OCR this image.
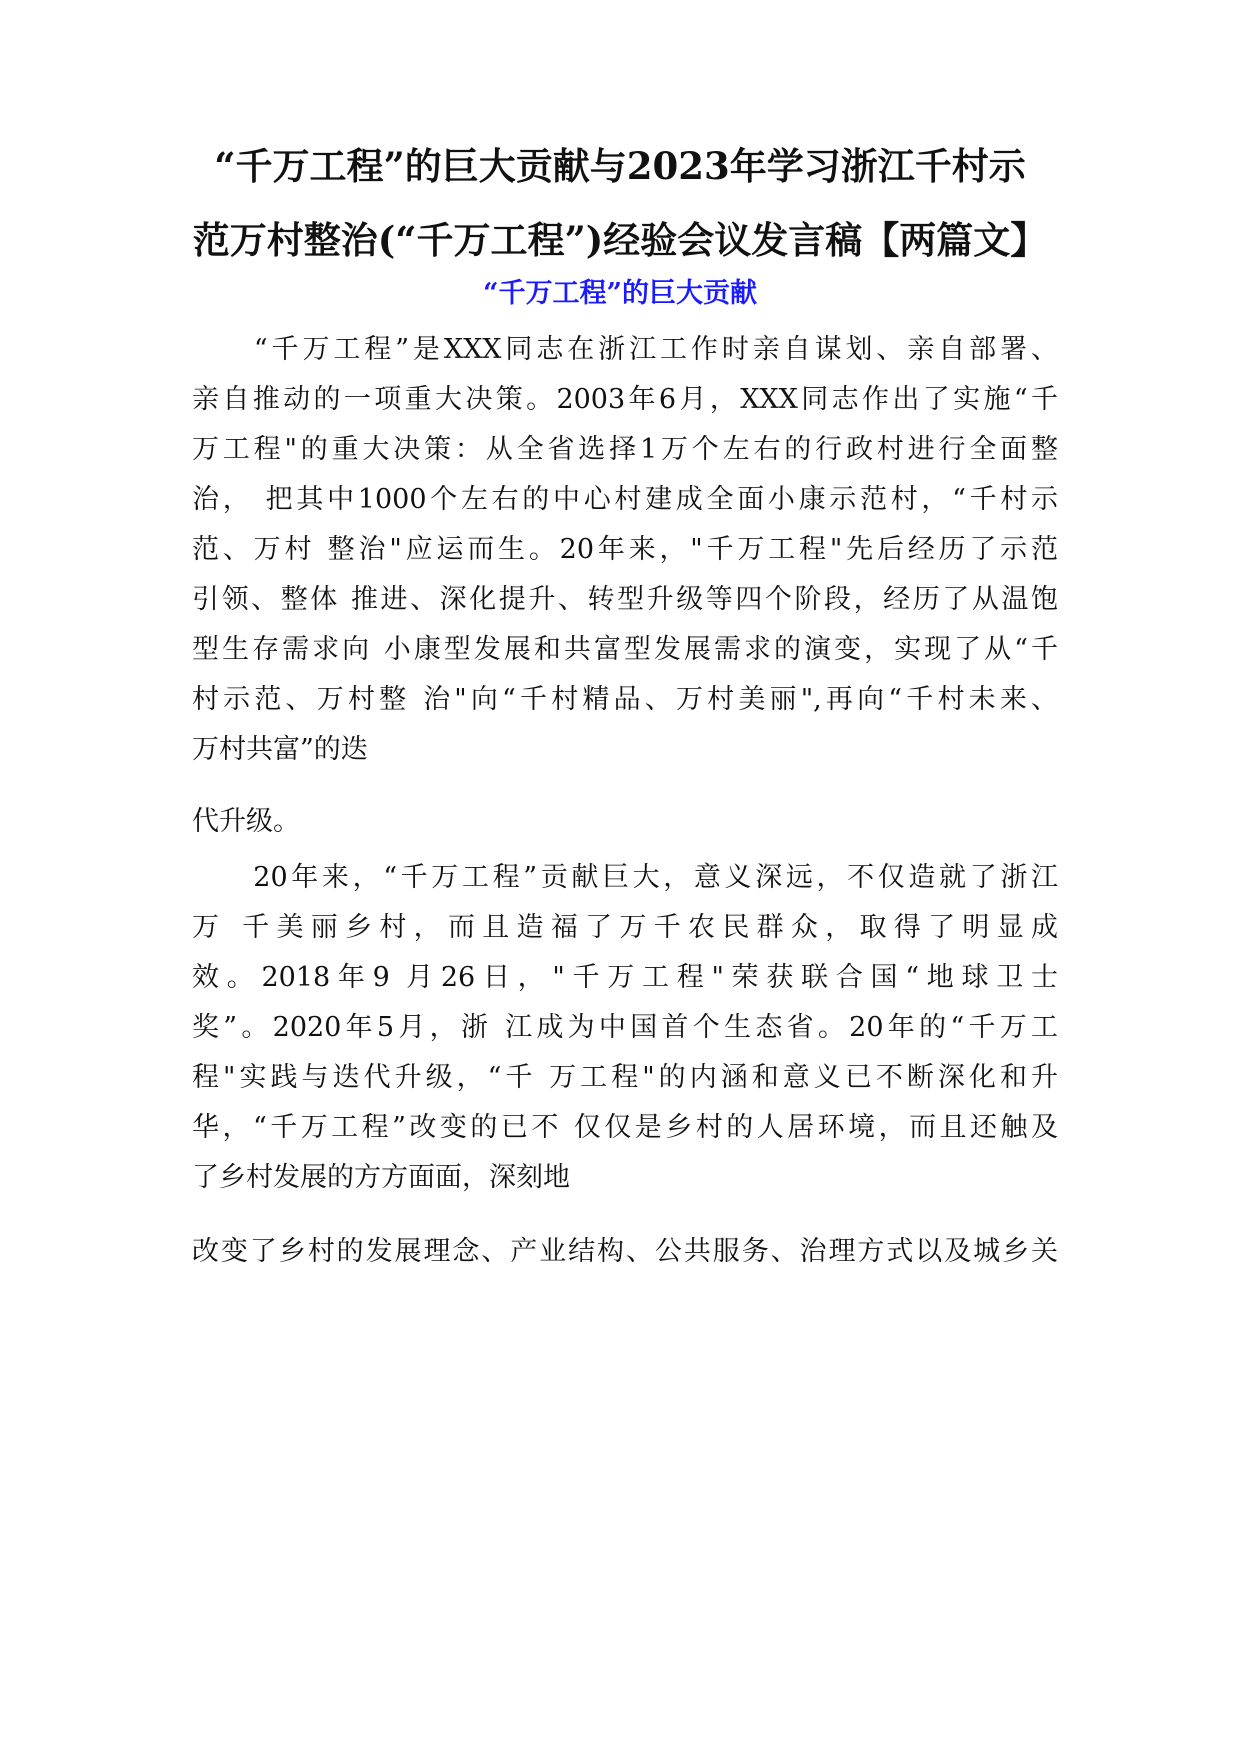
“千万工程”的巨大贡献与2023年学习浙江千村示
范万村整治(“千万工程”)经验会议发言稿【两篇文】
“千万工程”的巨大贡献
　　“千万工程”是XXX同志在浙江工作时亲自谋划、亲自部署、
亲自推动的一项重大决策。2003年6月，XXX同志作出了实施“千
万工程"的重大决策：从全省选择1万个左右的行政村进行全面整
治， 把其中1000个左右的中心村建成全面小康示范村，“千村示
范、万村 整治"应运而生。20年来，"千万工程"先后经历了示范
引领、整体 推进、深化提升、转型升级等四个阶段，经历了从温饱
型生存需求向 小康型发展和共富型发展需求的演变，实现了从“千
村示范、万村整 治"向“千村精品、万村美丽",再向“千村未来、
万村共富”的迭
代升级。
　　20年来，“千万工程”贡献巨大，意义深远，不仅造就了浙江
万 千美丽乡村，而且造福了万千农民群众，取得了明显成
效。2018年9 月26日，"千万工程"荣获联合国“地球卫士
奖”。2020年5月，浙 江成为中国首个生态省。20年的“千万工
程"实践与迭代升级，“千 万工程"的内涵和意义已不断深化和升
华，“千万工程”改变的已不 仅仅是乡村的人居环境，而且还触及
了乡村发展的方方面面，深刻地
改变了乡村的发展理念、产业结构、公共服务、治理方式以及城乡关
